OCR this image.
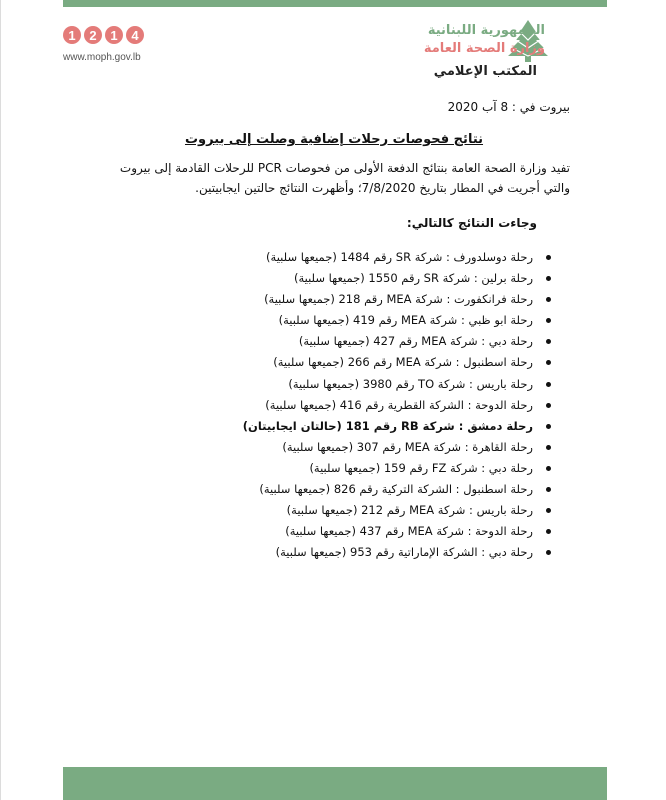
1	2	1	4
www.moph.gov.lb
الجمهورية اللبنانية
وزارة الصحة العامة
المكتب الإعلامي
بيروت في : 8 آب 2020
نتائج فحوصات رحلات إضافية وصلت إلى بيروت

تفيد وزارة الصحة العامة بنتائج الدفعة الأولى من فحوصات PCR للرحلات القادمة إلى بيروت

والتي أجريت في المطار بتاريخ 7/8/2020؛ وأظهرت النتائج حالتين ايجابيتين.

وجاءت النتائج كالتالي:
رحلة دوسلدورف : شركة SR رقم 1484 (جميعها سلبية)
رحلة برلين : شركة SR رقم 1550 (جميعها سلبية)
رحلة فرانكفورت : شركة MEA رقم 218 (جميعها سلبية)
رحلة ابو ظبي : شركة MEA رقم 419 (جميعها سلبية)
رحلة دبي : شركة MEA رقم 427 (جميعها سلبية)
رحلة اسطنبول : شركة MEA رقم 266 (جميعها سلبية)
رحلة باريس : شركة TO رقم 3980 (جميعها سلبية)
رحلة الدوحة : الشركة القطرية رقم 416 (جميعها سلبية)
رحلة دمشق : شركة RB رقم 181 (حالتان ايجابيتان)
رحلة القاهرة : شركة MEA رقم 307 (جميعها سلبية)
رحلة دبي : شركة FZ رقم 159 (جميعها سلبية)
رحلة اسطنبول : الشركة التركية رقم 826 (جميعها سلبية)
رحلة باريس : شركة MEA رقم 212 (جميعها سلبية)
رحلة الدوحة : شركة MEA رقم 437 (جميعها سلبية)
رحلة دبي : الشركة الإماراتية رقم 953 (جميعها سلبية)
